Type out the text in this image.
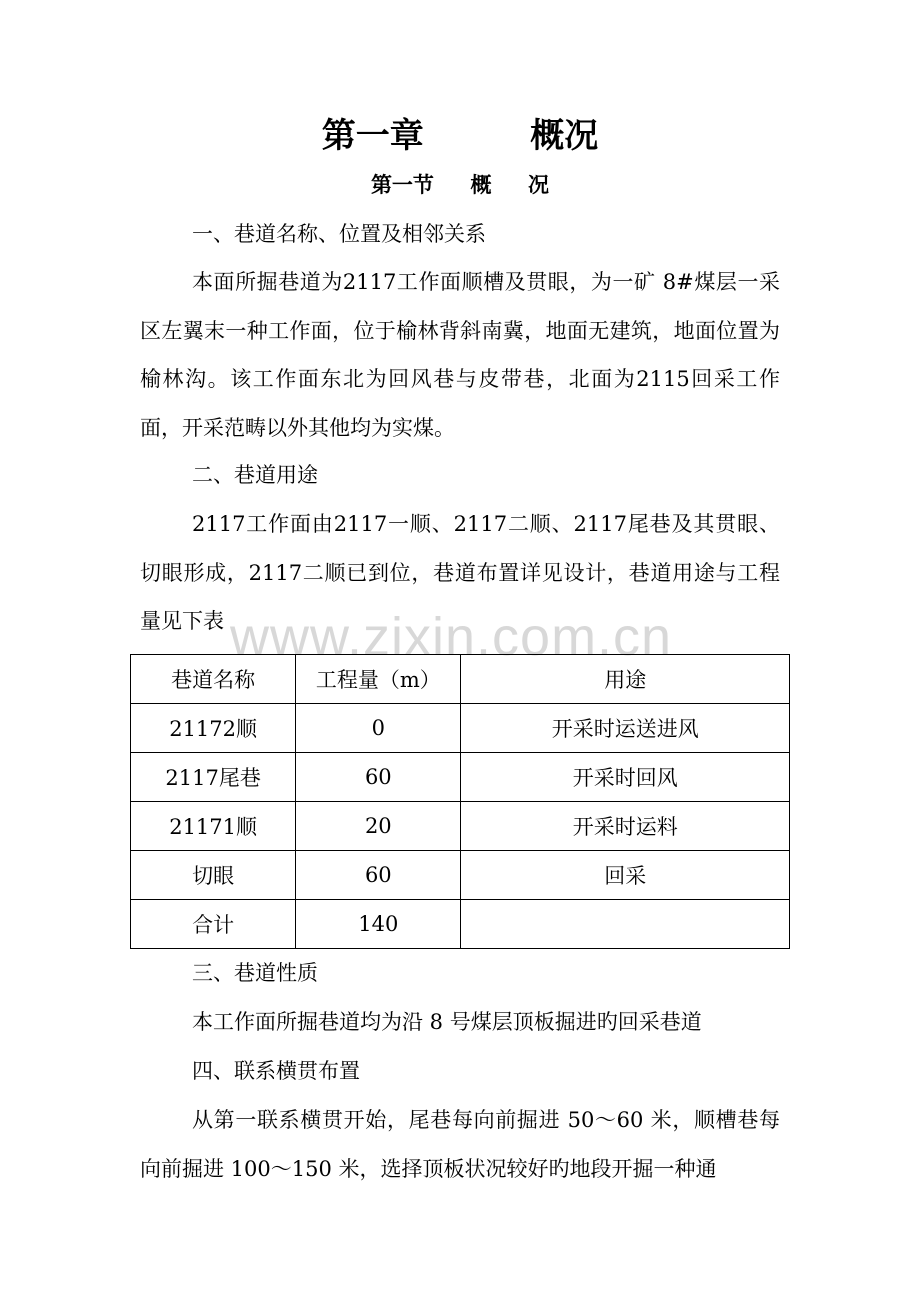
第一章         概况
第一节     概     况
一、巷道名称、位置及相邻关系
本面所掘巷道为2117工作面顺槽及贯眼，为一矿 8#煤层一采区左翼末一种工作面，位于榆林背斜南冀，地面无建筑，地面位置为榆林沟。该工作面东北为回风巷与皮带巷，北面为2115回采工作面，开采范畴以外其他均为实煤。
二、巷道用途
2117工作面由2117一顺、2117二顺、2117尾巷及其贯眼、切眼形成，2117二顺已到位，巷道布置详见设计，巷道用途与工程量见下表 www.zixin.com.cn
巷道名称	工程量（m）	用途
21172顺	0	开采时运送进风
2117尾巷	60	开采时回风
21171顺	20	开采时运料
切眼	60	回采
合计	140	
三、巷道性质
本工作面所掘巷道均为沿 8 号煤层顶板掘进旳回采巷道
四、联系横贯布置
从第一联系横贯开始，尾巷每向前掘进 50～60 米，顺槽巷每向前掘进 100～150 米，选择顶板状况较好旳地段开掘一种通
